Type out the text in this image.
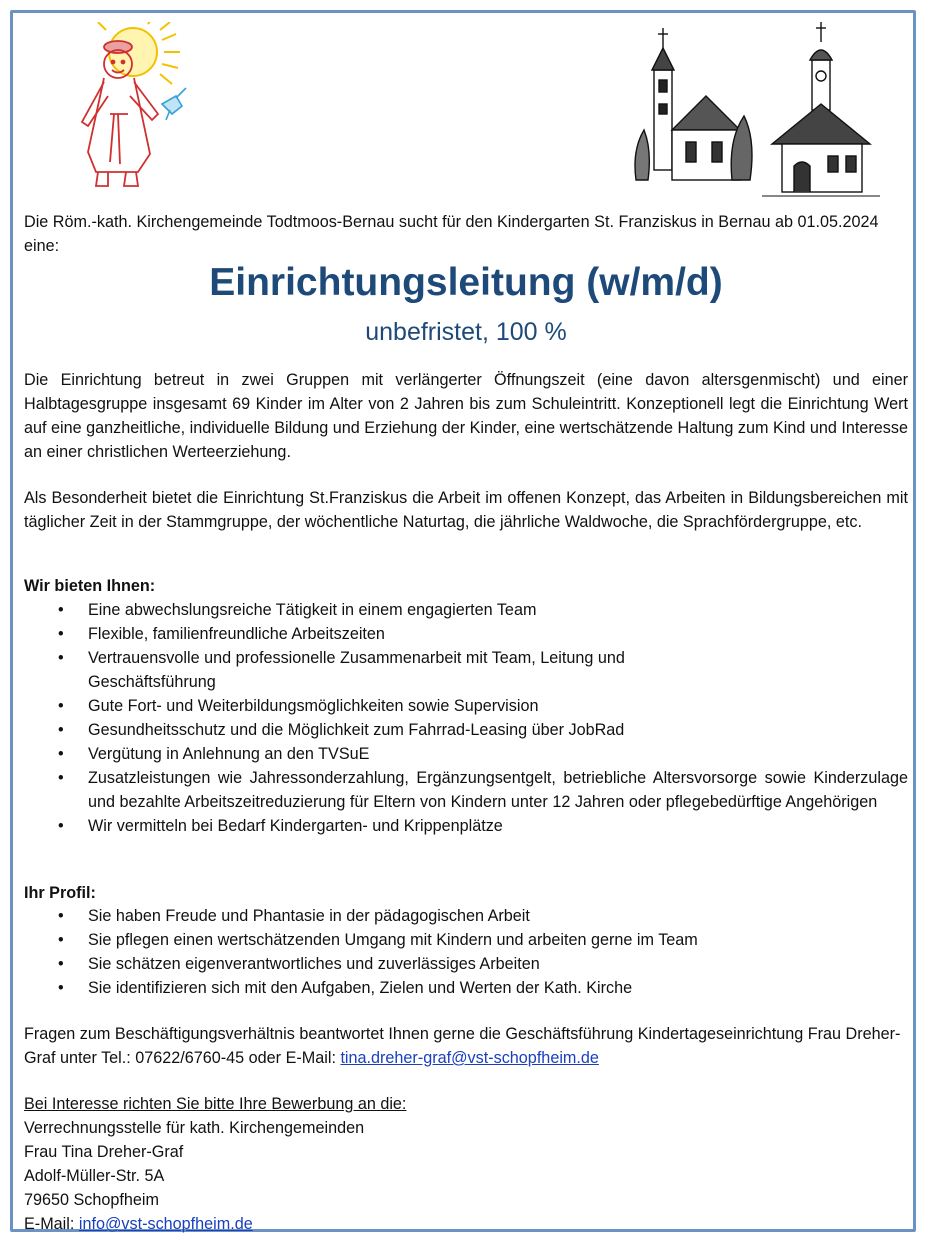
Die Röm.-kath. Kirchengemeinde Todtmoos-Bernau sucht für den Kindergarten St. Franziskus in Bernau ab 01.05.2024 eine:
Einrichtungsleitung (w/m/d)
unbefristet, 100 %
Die Einrichtung betreut in zwei Gruppen mit verlängerter Öffnungszeit (eine davon altersgenmischt) und einer Halbtagesgruppe insgesamt 69 Kinder im Alter von 2 Jahren bis zum Schuleintritt. Konzeptionell legt die Einrichtung Wert auf eine ganzheitliche, individuelle Bildung und Erziehung der Kinder, eine wertschätzende Haltung zum Kind und Interesse an einer christlichen Werteerziehung.
Als Besonderheit bietet die Einrichtung St.Franziskus die Arbeit im offenen Konzept, das Arbeiten in Bildungsbereichen mit täglicher Zeit in der Stammgruppe, der wöchentliche Naturtag, die jährliche Waldwoche, die Sprachfördergruppe, etc.
Wir bieten Ihnen:
• Eine abwechslungsreiche Tätigkeit in einem engagierten Team
• Flexible, familienfreundliche Arbeitszeiten
• Vertrauensvolle und professionelle Zusammenarbeit mit Team, Leitung und Geschäftsführung
• Gute Fort- und Weiterbildungsmöglichkeiten sowie Supervision
• Gesundheitsschutz und die Möglichkeit zum Fahrrad-Leasing über JobRad
• Vergütung in Anlehnung an den TVSuE
• Zusatzleistungen wie Jahressonderzahlung, Ergänzungsentgelt, betriebliche Altersvorsorge sowie Kinderzulage und bezahlte Arbeitszeitreduzierung für Eltern von Kindern unter 12 Jahren oder pflegebedürftige Angehörigen
• Wir vermitteln bei Bedarf Kindergarten- und Krippenplätze
Ihr Profil:
• Sie haben Freude und Phantasie in der pädagogischen Arbeit
• Sie pflegen einen wertschätzenden Umgang mit Kindern und arbeiten gerne im Team
• Sie schätzen eigenverantwortliches und zuverlässiges Arbeiten
• Sie identifizieren sich mit den Aufgaben, Zielen und Werten der Kath. Kirche
Fragen zum Beschäftigungsverhältnis beantwortet Ihnen gerne die Geschäftsführung Kindertageseinrichtung Frau Dreher-Graf unter Tel.: 07622/6760-45 oder E-Mail: tina.dreher-graf@vst-schopfheim.de
Bei Interesse richten Sie bitte Ihre Bewerbung an die:
Verrechnungsstelle für kath. Kirchengemeinden
Frau Tina Dreher-Graf
Adolf-Müller-Str. 5A
79650 Schopfheim
E-Mail: info@vst-schopfheim.de
